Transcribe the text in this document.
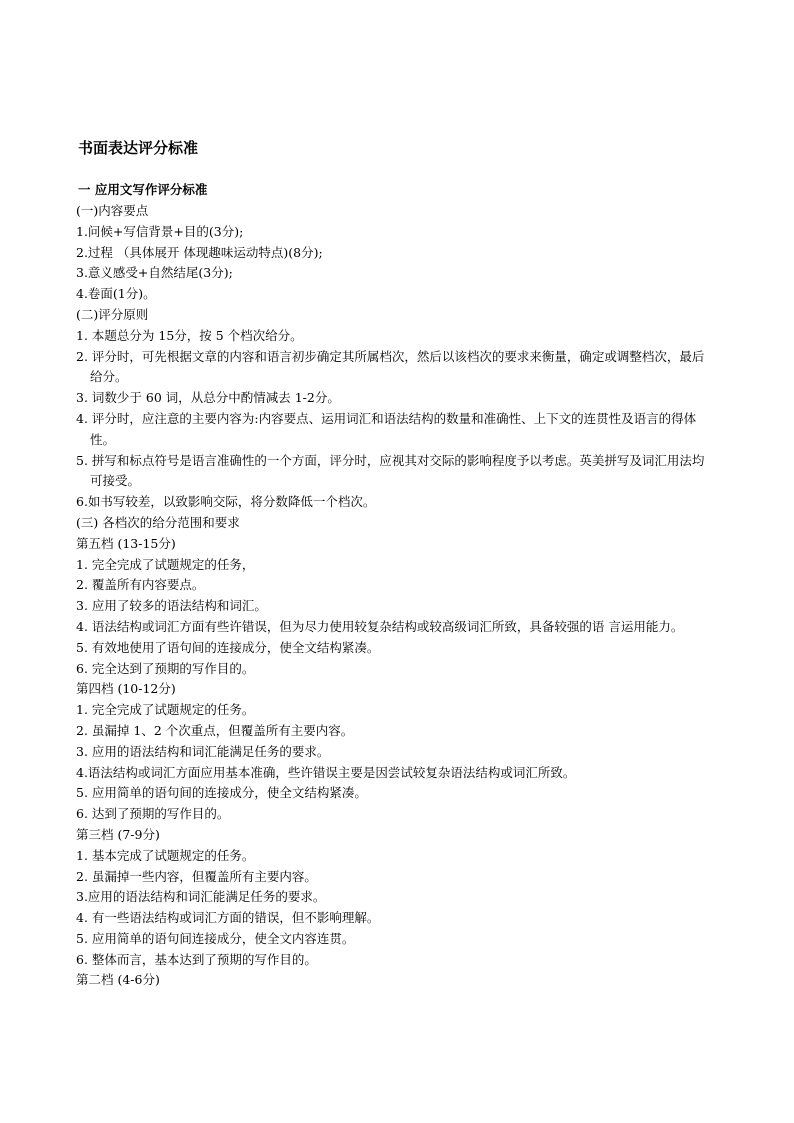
书面表达评分标准
一 应用文写作评分标准
(一)内容要点
1.问候+写信背景+目的(3分);
2.过程 （具体展开 体现趣味运动特点)(8分);
3.意义感受+自然结尾(3分);
4.卷面(1分)。
(二)评分原则
1. 本题总分为 15分，按 5 个档次给分。
2. 评分时，可先根据文章的内容和语言初步确定其所属档次，然后以该档次的要求来衡量，确定或调整档次，最后给分。
3. 词数少于 60 词，从总分中酌情减去 1-2分。
4. 评分时，应注意的主要内容为:内容要点、运用词汇和语法结构的数量和准确性、上下文的连贯性及语言的得体性。
5. 拼写和标点符号是语言准确性的一个方面，评分时，应视其对交际的影响程度予以考虑。英美拼写及词汇用法均可接受。
6.如书写较差，以致影响交际，将分数降低一个档次。
(三) 各档次的给分范围和要求
第五档 (13-15分)
1. 完全完成了试题规定的任务，
2. 覆盖所有内容要点。
3. 应用了较多的语法结构和词汇。
4. 语法结构或词汇方面有些许错误，但为尽力使用较复杂结构或较高级词汇所致，具备较强的语 言运用能力。
5. 有效地使用了语句间的连接成分，使全文结构紧凑。
6. 完全达到了预期的写作目的。
第四档 (10-12分)
1. 完全完成了试题规定的任务。
2. 虽漏掉 1、2 个次重点，但覆盖所有主要内容。
3. 应用的语法结构和词汇能满足任务的要求。
4.语法结构或词汇方面应用基本准确，些许错误主要是因尝试较复杂语法结构或词汇所致。
5. 应用简单的语句间的连接成分，使全文结构紧凑。
6. 达到了预期的写作目的。
第三档 (7-9分)
1. 基本完成了试题规定的任务。
2. 虽漏掉一些内容，但覆盖所有主要内容。
3.应用的语法结构和词汇能满足任务的要求。
4. 有一些语法结构或词汇方面的错误，但不影响理解。
5. 应用简单的语句间连接成分，使全文内容连贯。
6. 整体而言，基本达到了预期的写作目的。
第二档 (4-6分)
